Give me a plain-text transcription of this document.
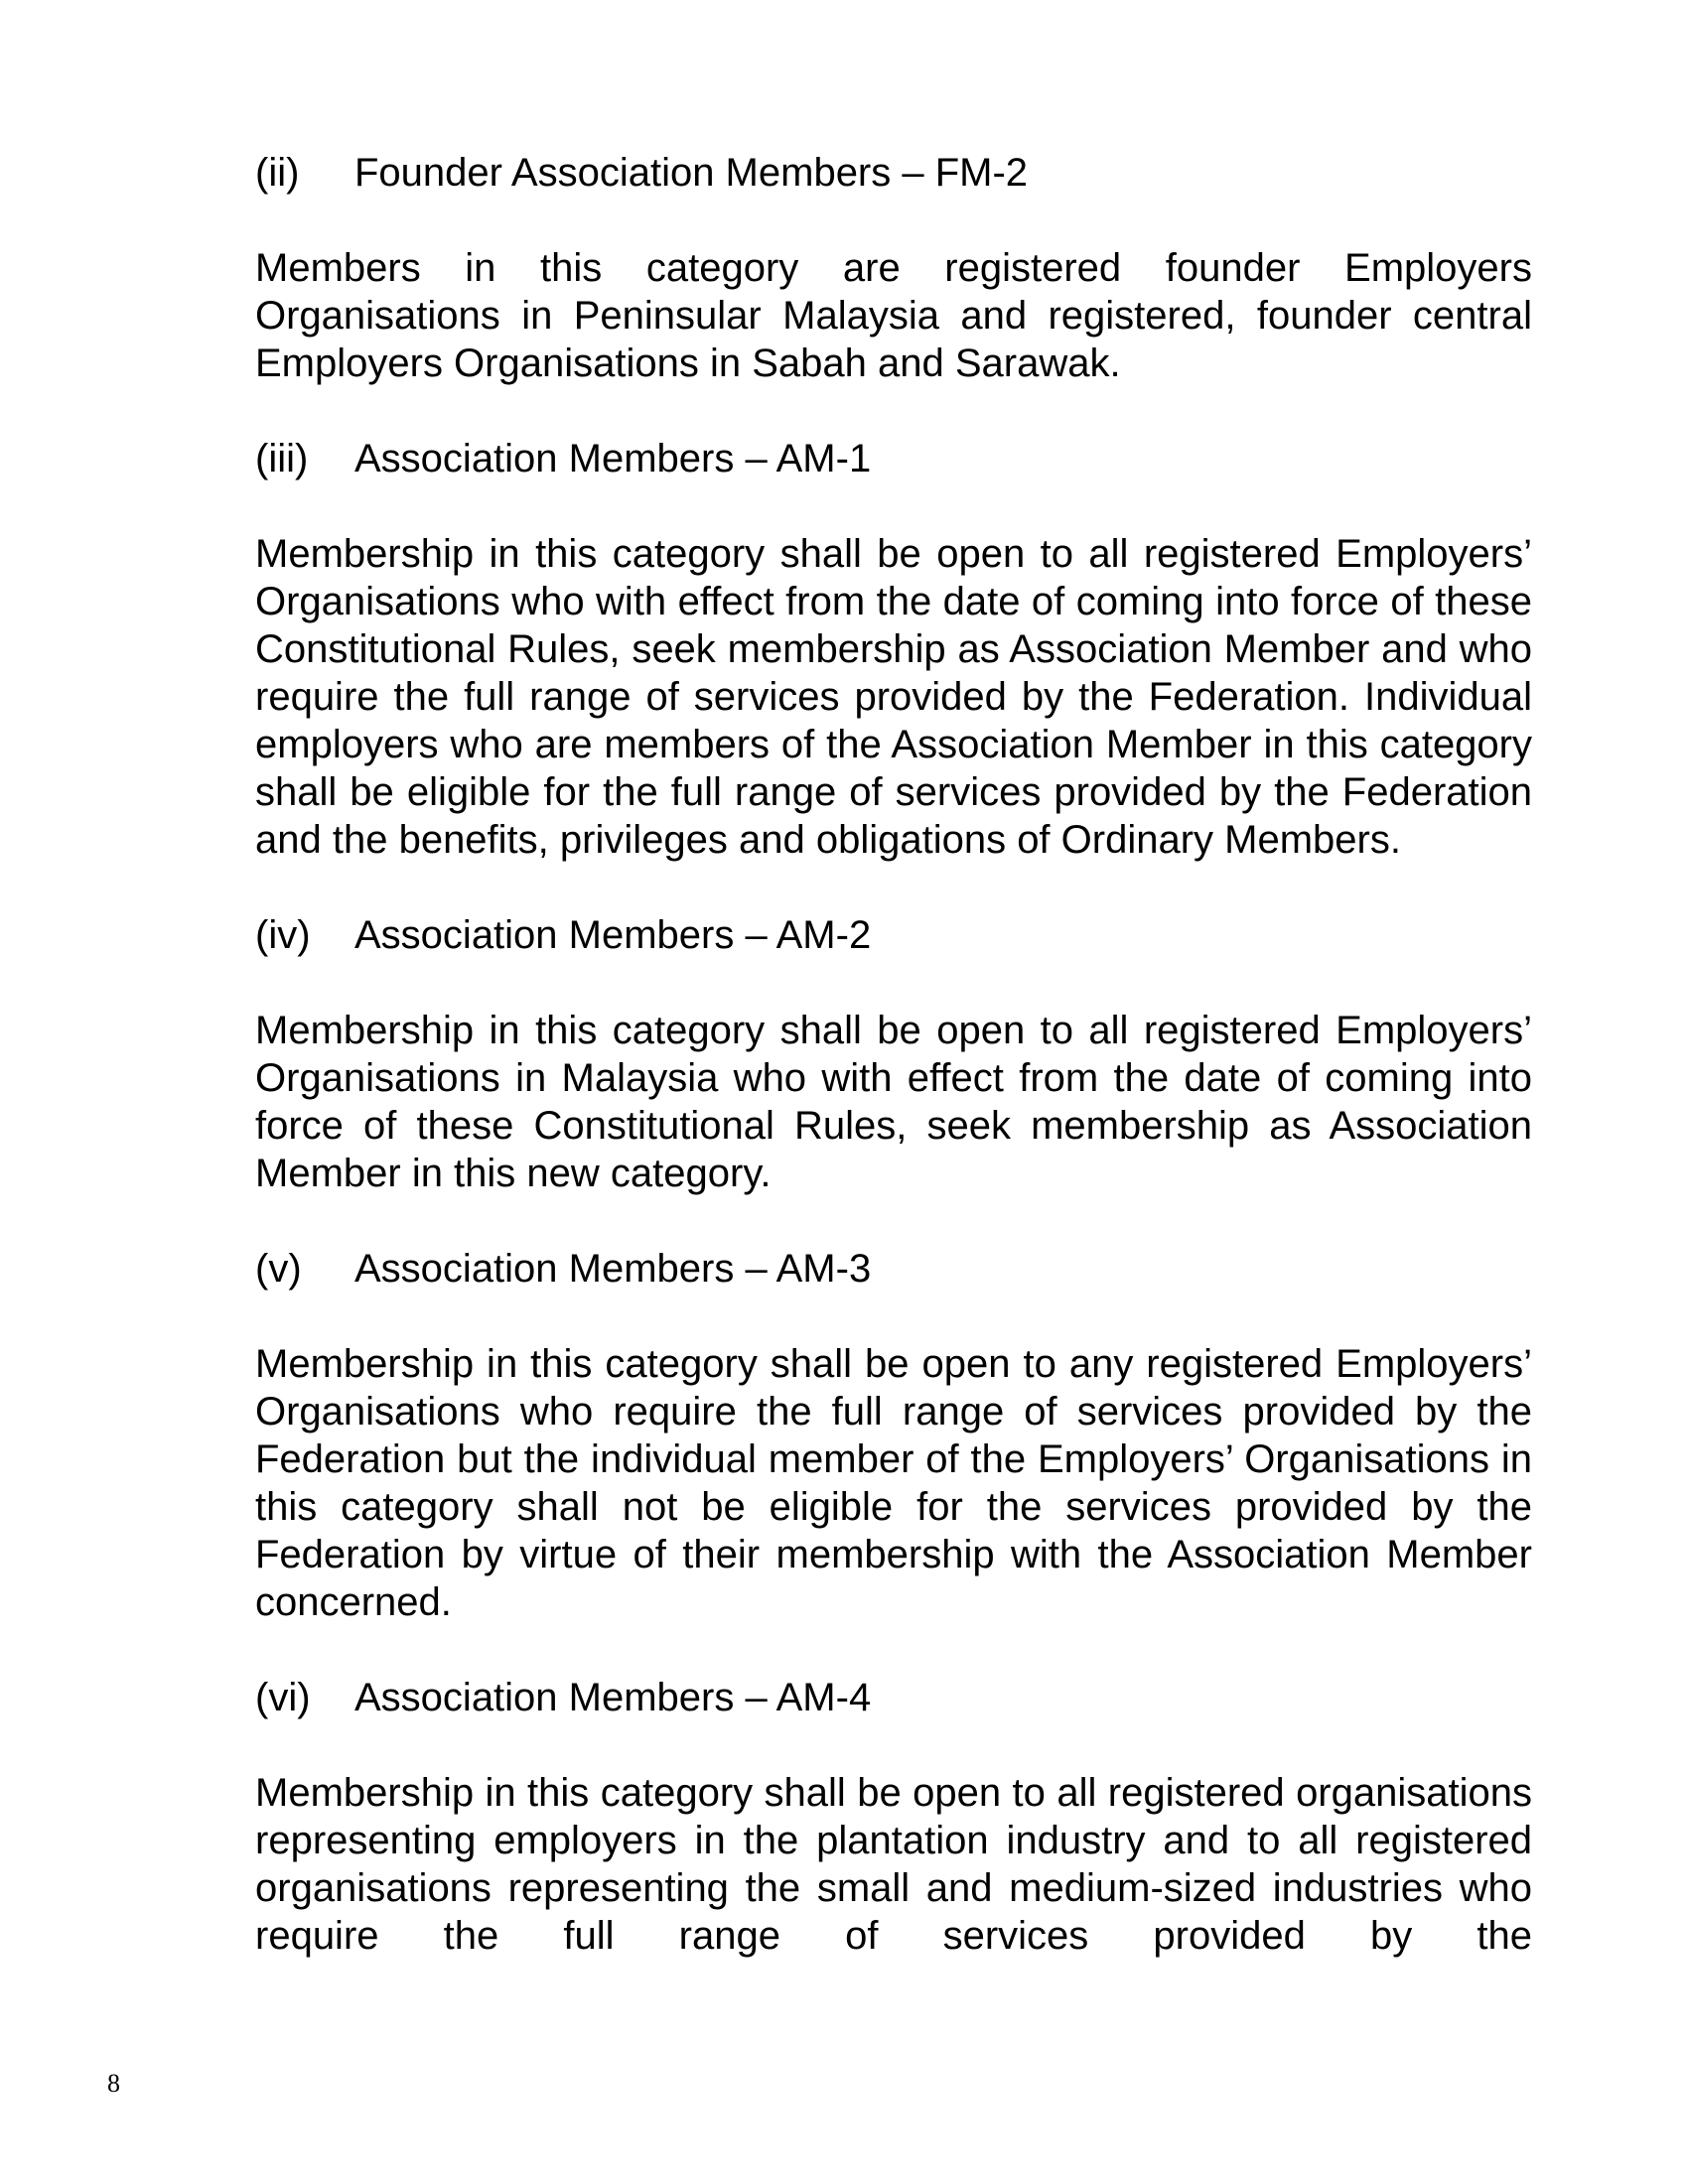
(ii)	Founder Association Members – FM-2

Members in this category are registered founder Employers Organisations in Peninsular Malaysia and registered, founder central Employers Organisations in Sabah and Sarawak.

(iii)	Association Members – AM-1

Membership in this category shall be open to all registered Employers’ Organisations who with effect from the date of coming into force of these Constitutional Rules, seek membership as Association Member and who require the full range of services provided by the Federation. Individual employers who are members of the Association Member in this category shall be eligible for the full range of services provided by the Federation and the benefits, privileges and obligations of Ordinary Members.

(iv)	Association Members – AM-2

Membership in this category shall be open to all registered Employers’ Organisations in Malaysia who with effect from the date of coming into force of these Constitutional Rules, seek membership as Association Member in this new category.

(v)	Association Members – AM-3

Membership in this category shall be open to any registered Employers’ Organisations who require the full range of services provided by the Federation but the individual member of the Employers’ Organisations in this category shall not be eligible for the services provided by the Federation by virtue of their membership with the Association Member concerned.

(vi)	Association Members – AM-4

Membership in this category shall be open to all registered organisations representing employers in the plantation industry and to all registered organisations representing the small and medium-sized industries who require the full range of services provided by the

8
